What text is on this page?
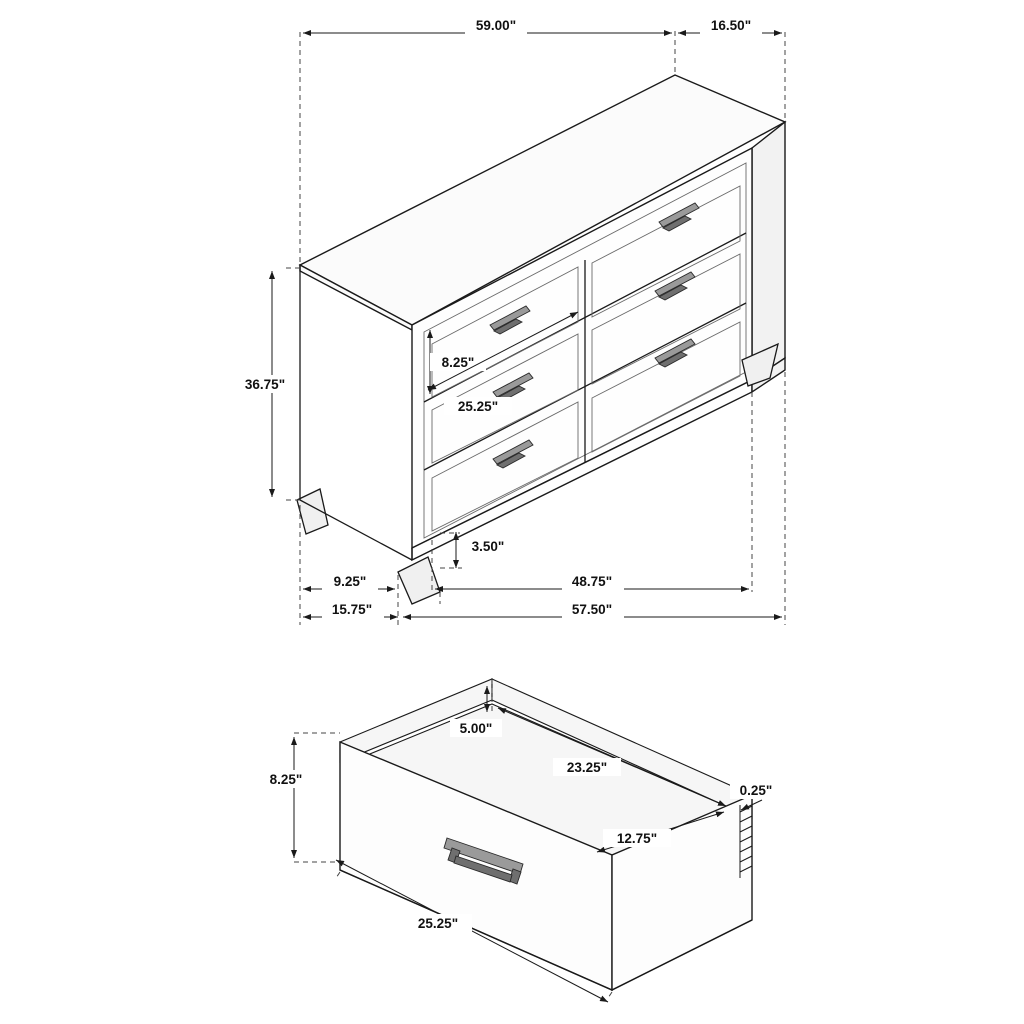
59.00"	16.50"
36.75"
8.25"
25.25"
3.50"
9.25"
15.75"
48.75"
57.50"
5.00"
23.25"
8.25"
0.25"
12.75"
25.25"
